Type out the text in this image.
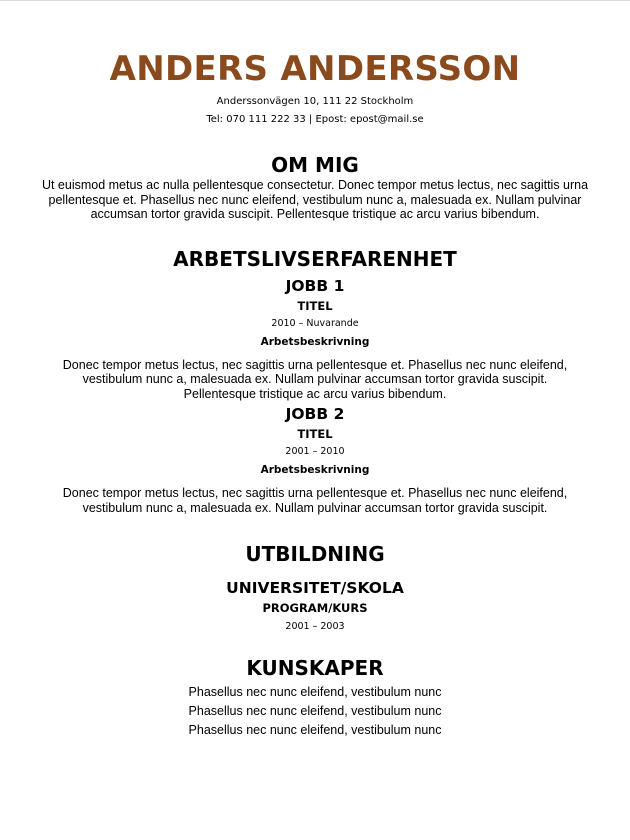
ANDERS ANDERSSON
Anderssonvägen 10, 111 22 Stockholm
Tel: 070 111 222 33 | Epost: epost@mail.se
OM MIG

Ut euismod metus ac nulla pellentesque consectetur. Donec tempor metus lectus, nec sagittis urna pellentesque et. Phasellus nec nunc eleifend, vestibulum nunc a, malesuada ex. Nullam pulvinar accumsan tortor gravida suscipit. Pellentesque tristique ac arcu varius bibendum.

ARBETSLIVSERFARENHET
JOBB 1
TITEL
2010 – Nuvarande
Arbetsbeskrivning

Donec tempor metus lectus, nec sagittis urna pellentesque et. Phasellus nec nunc eleifend, vestibulum nunc a, malesuada ex. Nullam pulvinar accumsan tortor gravida suscipit. Pellentesque tristique ac arcu varius bibendum.

JOBB 2
TITEL
2001 – 2010
Arbetsbeskrivning

Donec tempor metus lectus, nec sagittis urna pellentesque et. Phasellus nec nunc eleifend, vestibulum nunc a, malesuada ex. Nullam pulvinar accumsan tortor gravida suscipit.

UTBILDNING
UNIVERSITET/SKOLA
PROGRAM/KURS
2001 – 2003
KUNSKAPER
Phasellus nec nunc eleifend, vestibulum nunc
Phasellus nec nunc eleifend, vestibulum nunc
Phasellus nec nunc eleifend, vestibulum nunc
